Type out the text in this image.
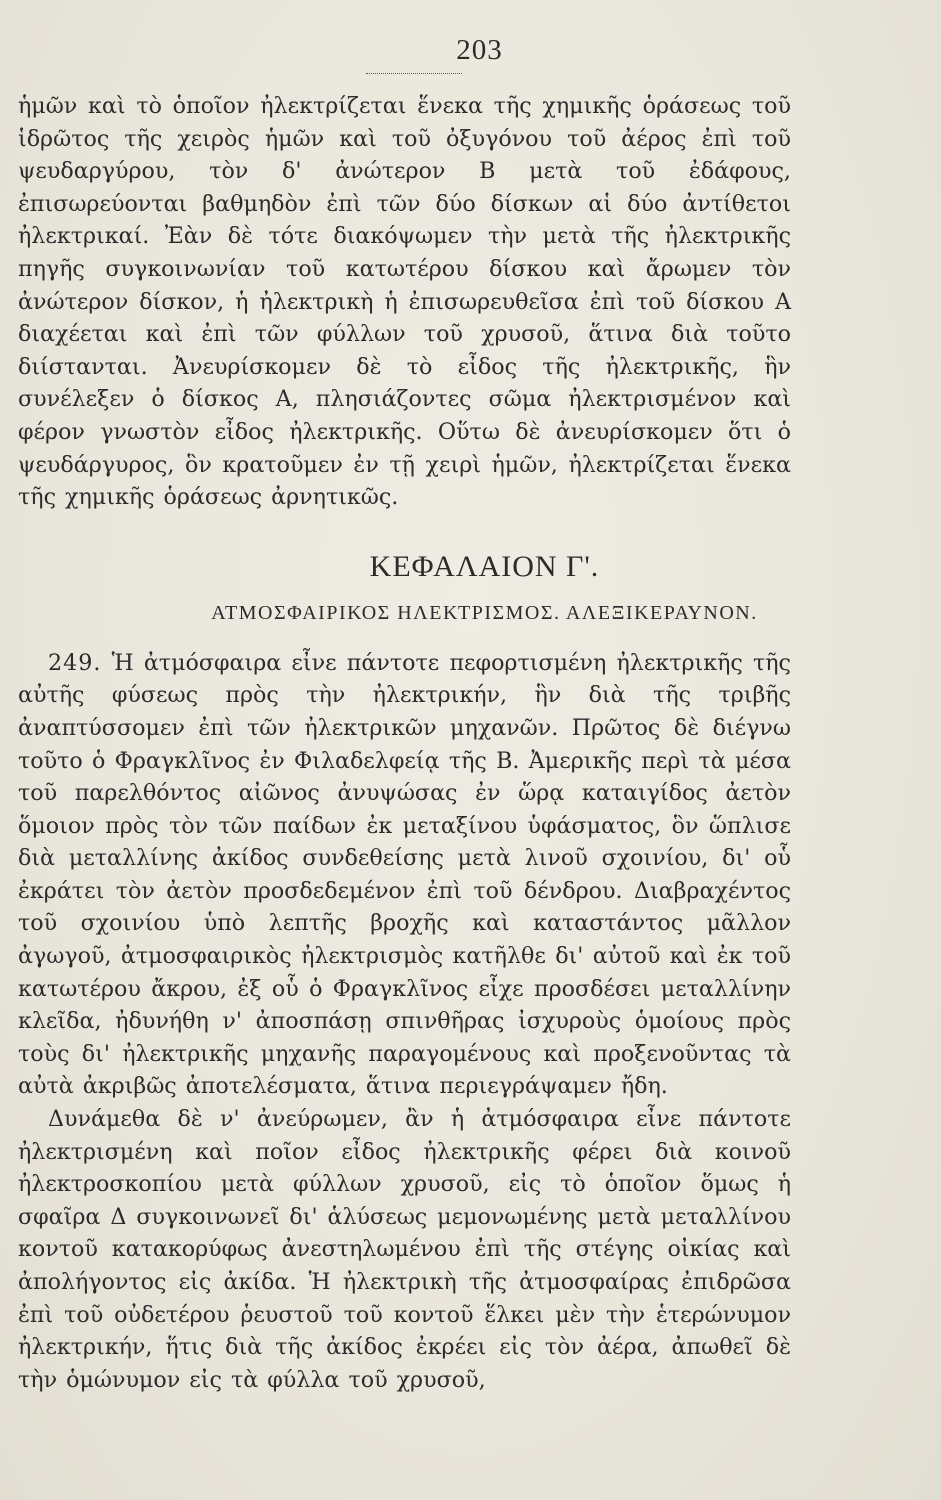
203

ἡμῶν καὶ τὸ ὁποῖον ἠλεκτρίζεται ἕνεκα τῆς χημικῆς ὁράσεως τοῦ ἱδρῶτος τῆς χειρὸς ἡμῶν καὶ τοῦ ὀξυγόνου τοῦ ἀέρος ἐπὶ τοῦ ψευδαργύρου, τὸν δ' ἀνώτερον Β μετὰ τοῦ ἐδάφους, ἐπισωρεύονται βαθμηδὸν ἐπὶ τῶν δύο δίσκων αἱ δύο ἀντίθετοι ἠλεκτρικαί. Ἐὰν δὲ τότε διακόψωμεν τὴν μετὰ τῆς ἠλεκτρικῆς πηγῆς συγκοινωνίαν τοῦ κατωτέρου δίσκου καὶ ἄρωμεν τὸν ἀνώτερον δίσκον, ἡ ἠλεκτρικὴ ἡ ἐπισωρευθεῖσα ἐπὶ τοῦ δίσκου Α διαχέεται καὶ ἐπὶ τῶν φύλλων τοῦ χρυσοῦ, ἅτινα διὰ τοῦτο διίστανται. Ἀνευρίσκομεν δὲ τὸ εἶδος τῆς ἠλεκτρικῆς, ἣν συνέλεξεν ὁ δίσκος Α, πλησιάζοντες σῶμα ἠλεκτρισμένον καὶ φέρον γνωστὸν εἶδος ἠλεκτρικῆς. Οὕτω δὲ ἀνευρίσκομεν ὅτι ὁ ψευδάργυρος, ὃν κρατοῦμεν ἐν τῇ χειρὶ ἡμῶν, ἠλεκτρίζεται ἕνεκα τῆς χημικῆς ὁράσεως ἀρνητικῶς.

ΚΕΦΑΛΑΙΟΝ Γ'.
ΑΤΜΟΣΦΑΙΡΙΚΟΣ ΗΛΕΚΤΡΙΣΜΟΣ. ΑΛΕΞΙΚΕΡΑΥΝΟΝ.

249. Ἡ ἀτμόσφαιρα εἶνε πάντοτε πεφορτισμένη ἠλεκτρικῆς τῆς αὐτῆς φύσεως πρὸς τὴν ἠλεκτρικήν, ἣν διὰ τῆς τριβῆς ἀναπτύσσομεν ἐπὶ τῶν ἠλεκτρικῶν μηχανῶν. Πρῶτος δὲ διέγνω τοῦτο ὁ Φραγκλῖνος ἐν Φιλαδελφείᾳ τῆς Β. Ἀμερικῆς περὶ τὰ μέσα τοῦ παρελθόντος αἰῶνος ἀνυψώσας ἐν ὥρᾳ καταιγίδος ἀετὸν ὅμοιον πρὸς τὸν τῶν παίδων ἐκ μεταξίνου ὑφάσματος, ὃν ὥπλισε διὰ μεταλλίνης ἀκίδος συνδεθείσης μετὰ λινοῦ σχοινίου, δι' οὗ ἐκράτει τὸν ἀετὸν προσδεδεμένον ἐπὶ τοῦ δένδρου. Διαβραχέντος τοῦ σχοινίου ὑπὸ λεπτῆς βροχῆς καὶ καταστάντος μᾶλλον ἀγωγοῦ, ἀτμοσφαιρικὸς ἠλεκτρισμὸς κατῆλθε δι' αὐτοῦ καὶ ἐκ τοῦ κατωτέρου ἄκρου, ἐξ οὗ ὁ Φραγκλῖνος εἶχε προσδέσει μεταλλίνην κλεῖδα, ἠδυνήθη ν' ἀποσπάσῃ σπινθῆρας ἰσχυροὺς ὁμοίους πρὸς τοὺς δι' ἠλεκτρικῆς μηχανῆς παραγομένους καὶ προξενοῦντας τὰ αὐτὰ ἀκριβῶς ἀποτελέσματα, ἅτινα περιεγράψαμεν ἤδη.

Δυνάμεθα δὲ ν' ἀνεύρωμεν, ἂν ἡ ἀτμόσφαιρα εἶνε πάντοτε ἠλεκτρισμένη καὶ ποῖον εἶδος ἠλεκτρικῆς φέρει διὰ κοινοῦ ἠλεκτροσκοπίου μετὰ φύλλων χρυσοῦ, εἰς τὸ ὁποῖον ὅμως ἡ σφαῖρα Δ συγκοινωνεῖ δι' ἁλύσεως μεμονωμένης μετὰ μεταλλίνου κοντοῦ κατακορύφως ἀνεστηλωμένου ἐπὶ τῆς στέγης οἰκίας καὶ ἀπολήγοντος εἰς ἀκίδα. Ἡ ἠλεκτρικὴ τῆς ἀτμοσφαίρας ἐπιδρῶσα ἐπὶ τοῦ οὐδετέρου ῥευστοῦ τοῦ κοντοῦ ἕλκει μὲν τὴν ἑτερώνυμον ἠλεκτρικήν, ἥτις διὰ τῆς ἀκίδος ἐκρέει εἰς τὸν ἀέρα, ἀπωθεῖ δὲ τὴν ὁμώνυμον εἰς τὰ φύλλα τοῦ χρυσοῦ,
